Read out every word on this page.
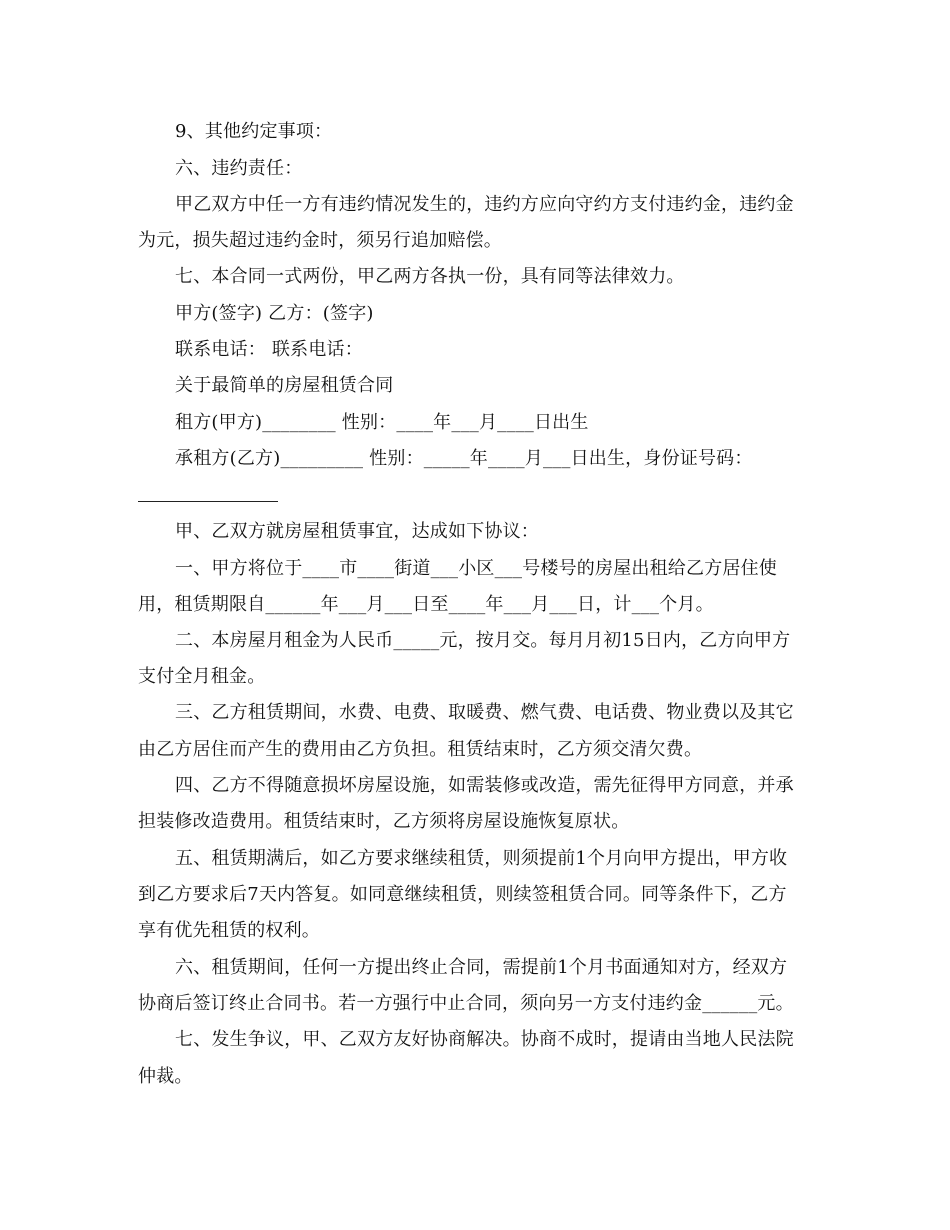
9、其他约定事项：
六、违约责任：
甲乙双方中任一方有违约情况发生的，违约方应向守约方支付违约金，违约金
为元，损失超过违约金时，须另行追加赔偿。
七、本合同一式两份，甲乙两方各执一份，具有同等法律效力。
甲方(签字) 乙方：(签字)
联系电话： 联系电话：
关于最简单的房屋租赁合同
租方(甲方)________ 性别：____年___月____日出生
承租方(乙方)_________ 性别：_____年____月___日出生，身份证号码：
甲、乙双方就房屋租赁事宜，达成如下协议：
一、甲方将位于____市____街道___小区___号楼号的房屋出租给乙方居住使
用，租赁期限自______年___月___日至____年___月___日，计___个月。
二、本房屋月租金为人民币_____元，按月交。每月月初15日内，乙方向甲方
支付全月租金。
三、乙方租赁期间，水费、电费、取暖费、燃气费、电话费、物业费以及其它
由乙方居住而产生的费用由乙方负担。租赁结束时，乙方须交清欠费。
四、乙方不得随意损坏房屋设施，如需装修或改造，需先征得甲方同意，并承
担装修改造费用。租赁结束时，乙方须将房屋设施恢复原状。
五、租赁期满后，如乙方要求继续租赁，则须提前1个月向甲方提出，甲方收
到乙方要求后7天内答复。如同意继续租赁，则续签租赁合同。同等条件下，乙方
享有优先租赁的权利。
六、租赁期间，任何一方提出终止合同，需提前1个月书面通知对方，经双方
协商后签订终止合同书。若一方强行中止合同，须向另一方支付违约金______元。
七、发生争议，甲、乙双方友好协商解决。协商不成时，提请由当地人民法院
仲裁。
